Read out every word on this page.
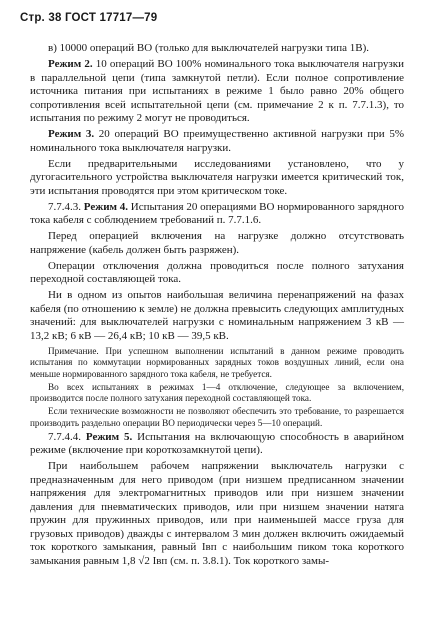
Стр. 38 ГОСТ 17717—79

в) 10000 операций ВО (только для выключателей нагрузки типа 1В).

Режим 2. 10 операций ВО 100% номинального тока выключателя нагрузки в параллельной цепи (типа замкнутой петли). Если полное сопротивление источника питания при испытаниях в режиме 1 было равно 20% общего сопротивления всей испытательной цепи (см. примечание 2 к п. 7.7.1.3), то испытания по режиму 2 могут не проводиться.

Режим 3. 20 операций ВО преимущественно активной нагрузки при 5% номинального тока выключателя нагрузки.

Если предварительными исследованиями установлено, что у дугогасительного устройства выключателя нагрузки имеется критический ток, эти испытания проводятся при этом критическом токе.

7.7.4.3. Режим 4. Испытания 20 операциями ВО нормированного зарядного тока кабеля с соблюдением требований п. 7.7.1.6.

Перед операцией включения на нагрузке должно отсутствовать напряжение (кабель должен быть разряжен).

Операции отключения должна проводиться после полного затухания переходной составляющей тока.

Ни в одном из опытов наибольшая величина перенапряжений на фазах кабеля (по отношению к земле) не должна превысить следующих амплитудных значений: для выключателей нагрузки с номинальным напряжением 3 кВ — 13,2 кВ; 6 кВ — 26,4 кВ; 10 кВ — 39,5 кВ.

Примечание. При успешном выполнении испытаний в данном режиме проводить испытания по коммутации нормированных зарядных токов воздушных линий, если она меньше нормированного зарядного тока кабеля, не требуется.

Во всех испытаниях в режимах 1—4 отключение, следующее за включением, производится после полного затухания переходной составляющей тока.

Если технические возможности не позволяют обеспечить это требование, то разрешается производить раздельно операции ВО периодически через 5—10 операций.

7.7.4.4. Режим 5. Испытания на включающую способность в аварийном режиме (включение при короткозамкнутой цепи).

При наибольшем рабочем напряжении выключатель нагрузки с предназначенным для него приводом (при низшем предписанном значении напряжения для электромагнитных приводов или при низшем значении давления для пневматических приводов, или при низшем значении натяга пружин для пружинных приводов, или при наименьшей массе груза для грузовых приводов) дважды с интервалом 3 мин должен включить ожидаемый ток короткого замыкания, равный Iвп с наибольшим пиком тока короткого замыкания равным 1,8 √2 Iвп (см. п. 3.8.1). Ток короткого замы-
